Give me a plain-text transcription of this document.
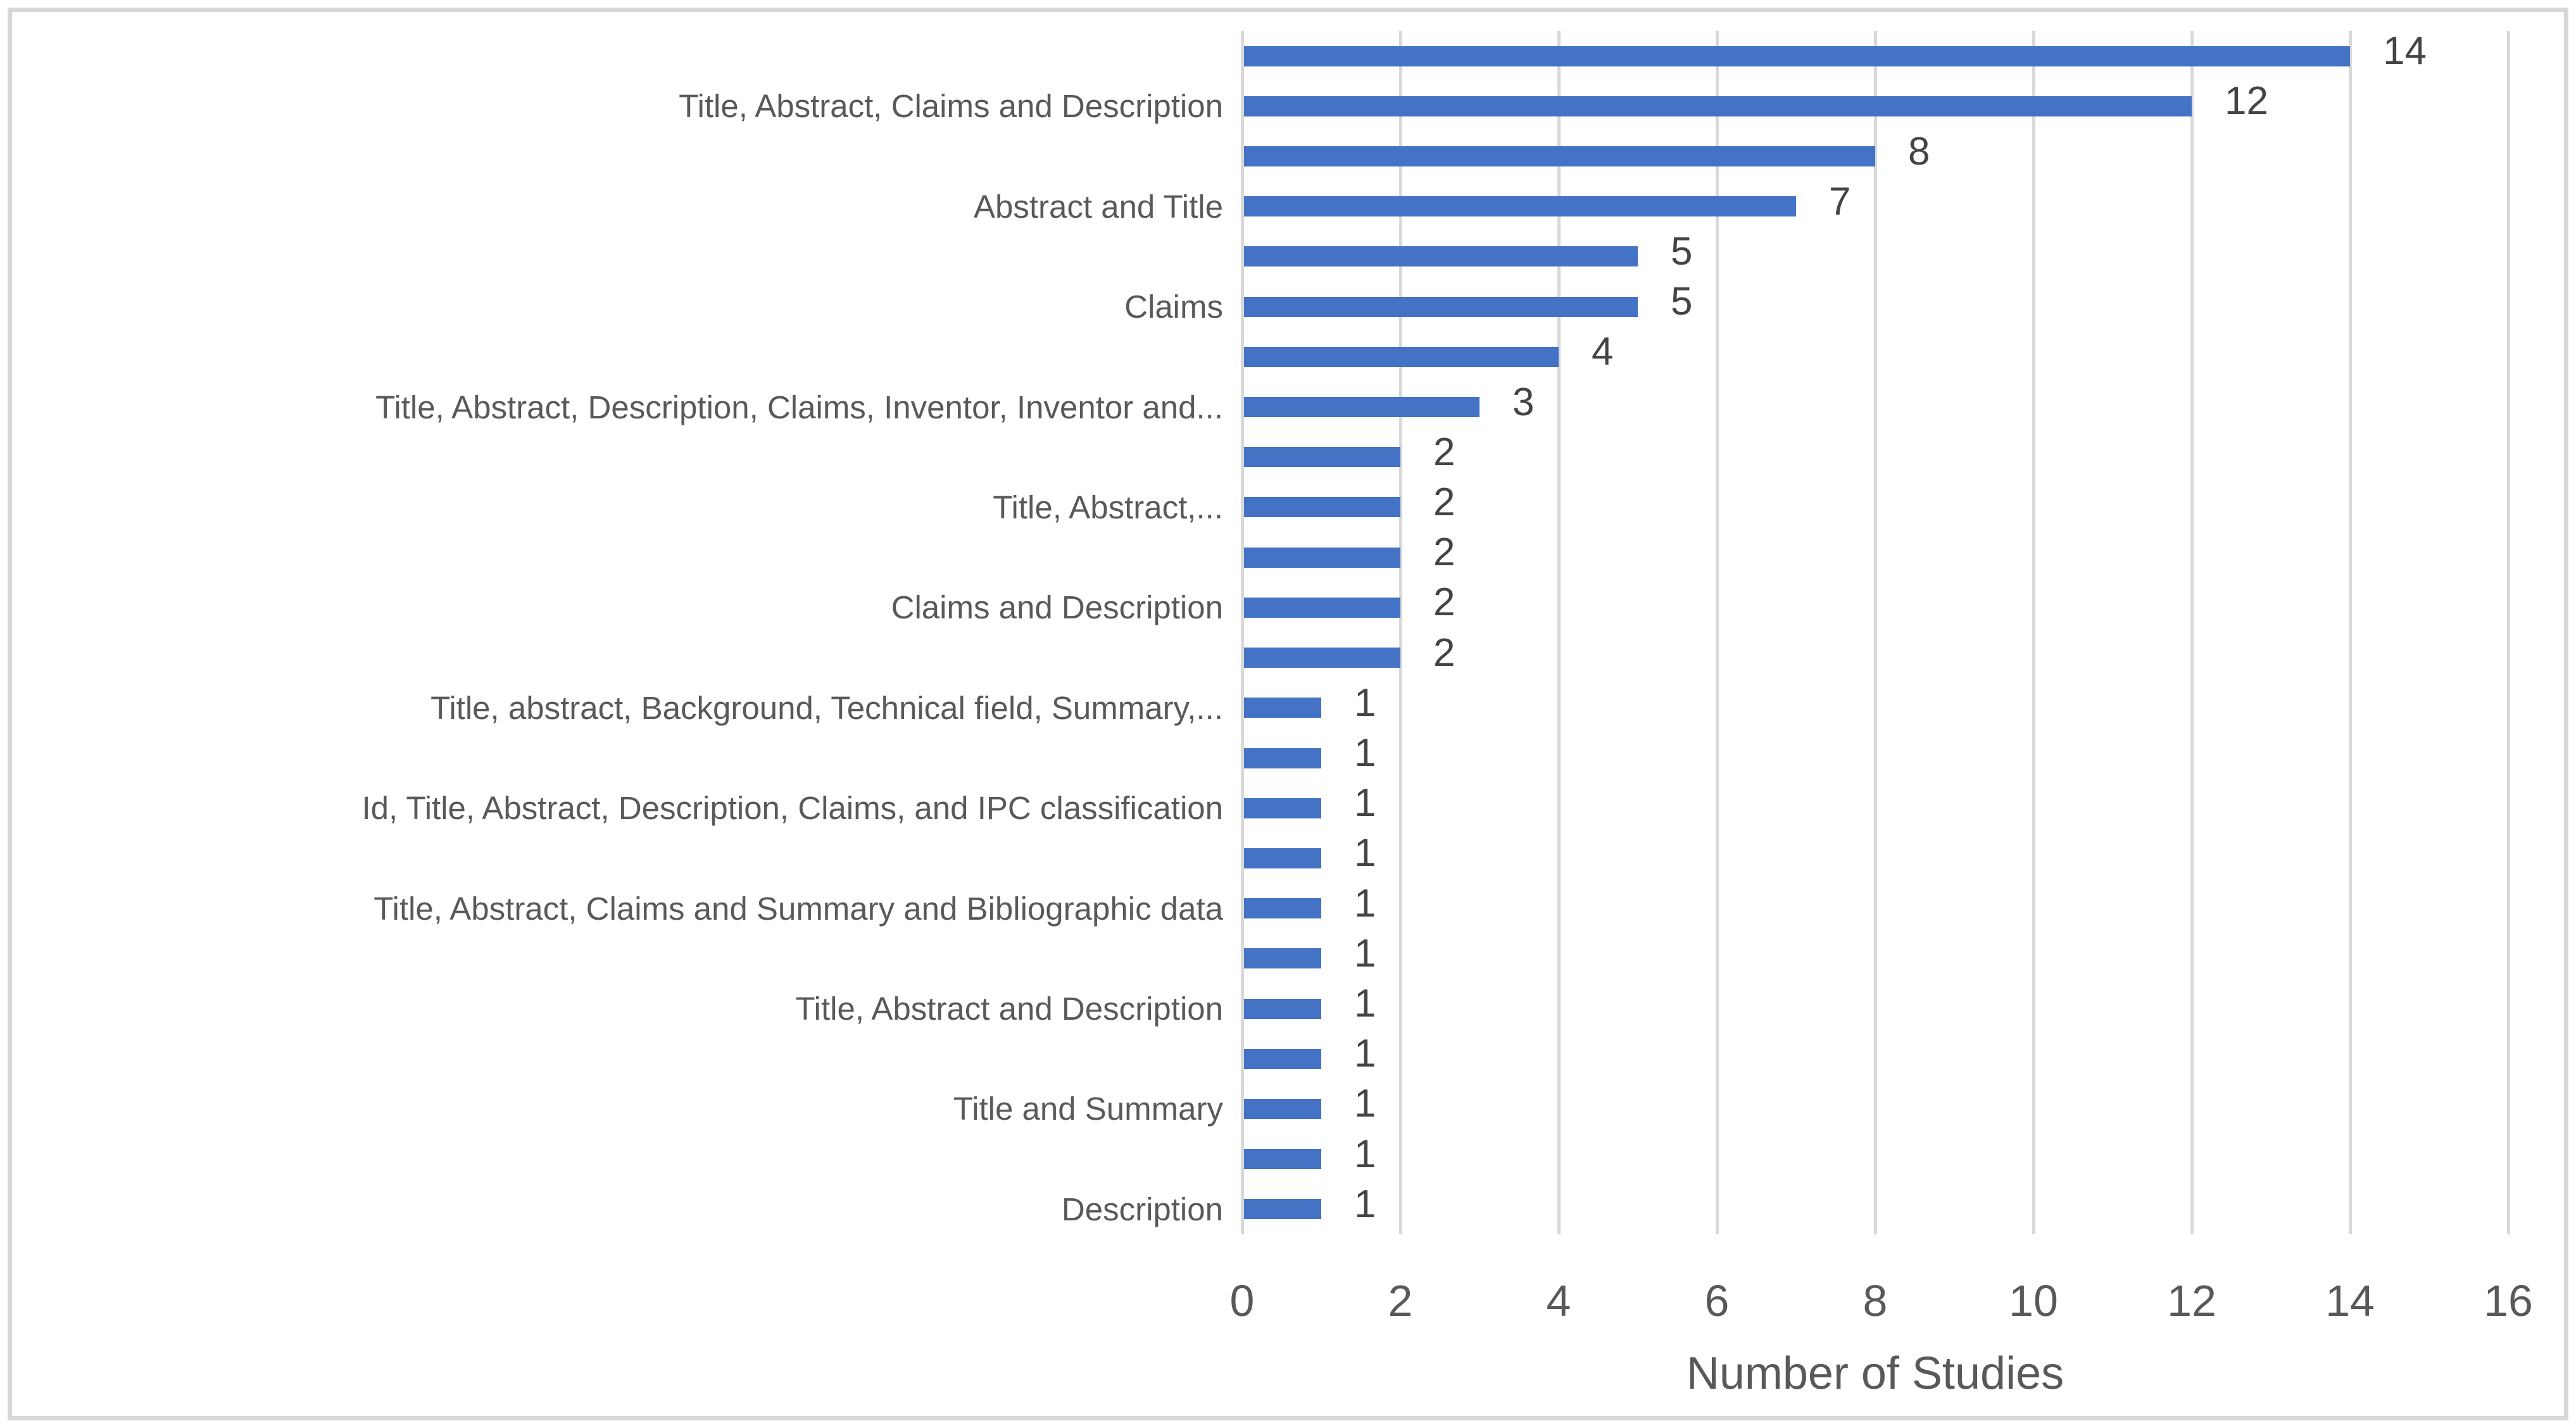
Number of Studies
0	2	4	6	8	10	12	14	16
14
12
Title, Abstract, Claims and Description
8
7
Abstract and Title
5
5
Claims
4
3
Title, Abstract, Description, Claims, Inventor, Inventor and...
2
2
Title, Abstract,...
2
2
Claims and Description
2
1
Title, abstract, Background, Technical field, Summary,...
1
1
Id, Title, Abstract, Description, Claims, and IPC classification
1
1
Title, Abstract, Claims and Summary and Bibliographic data
1
1
Title, Abstract and Description
1
1
Title and Summary
1
1
Description
